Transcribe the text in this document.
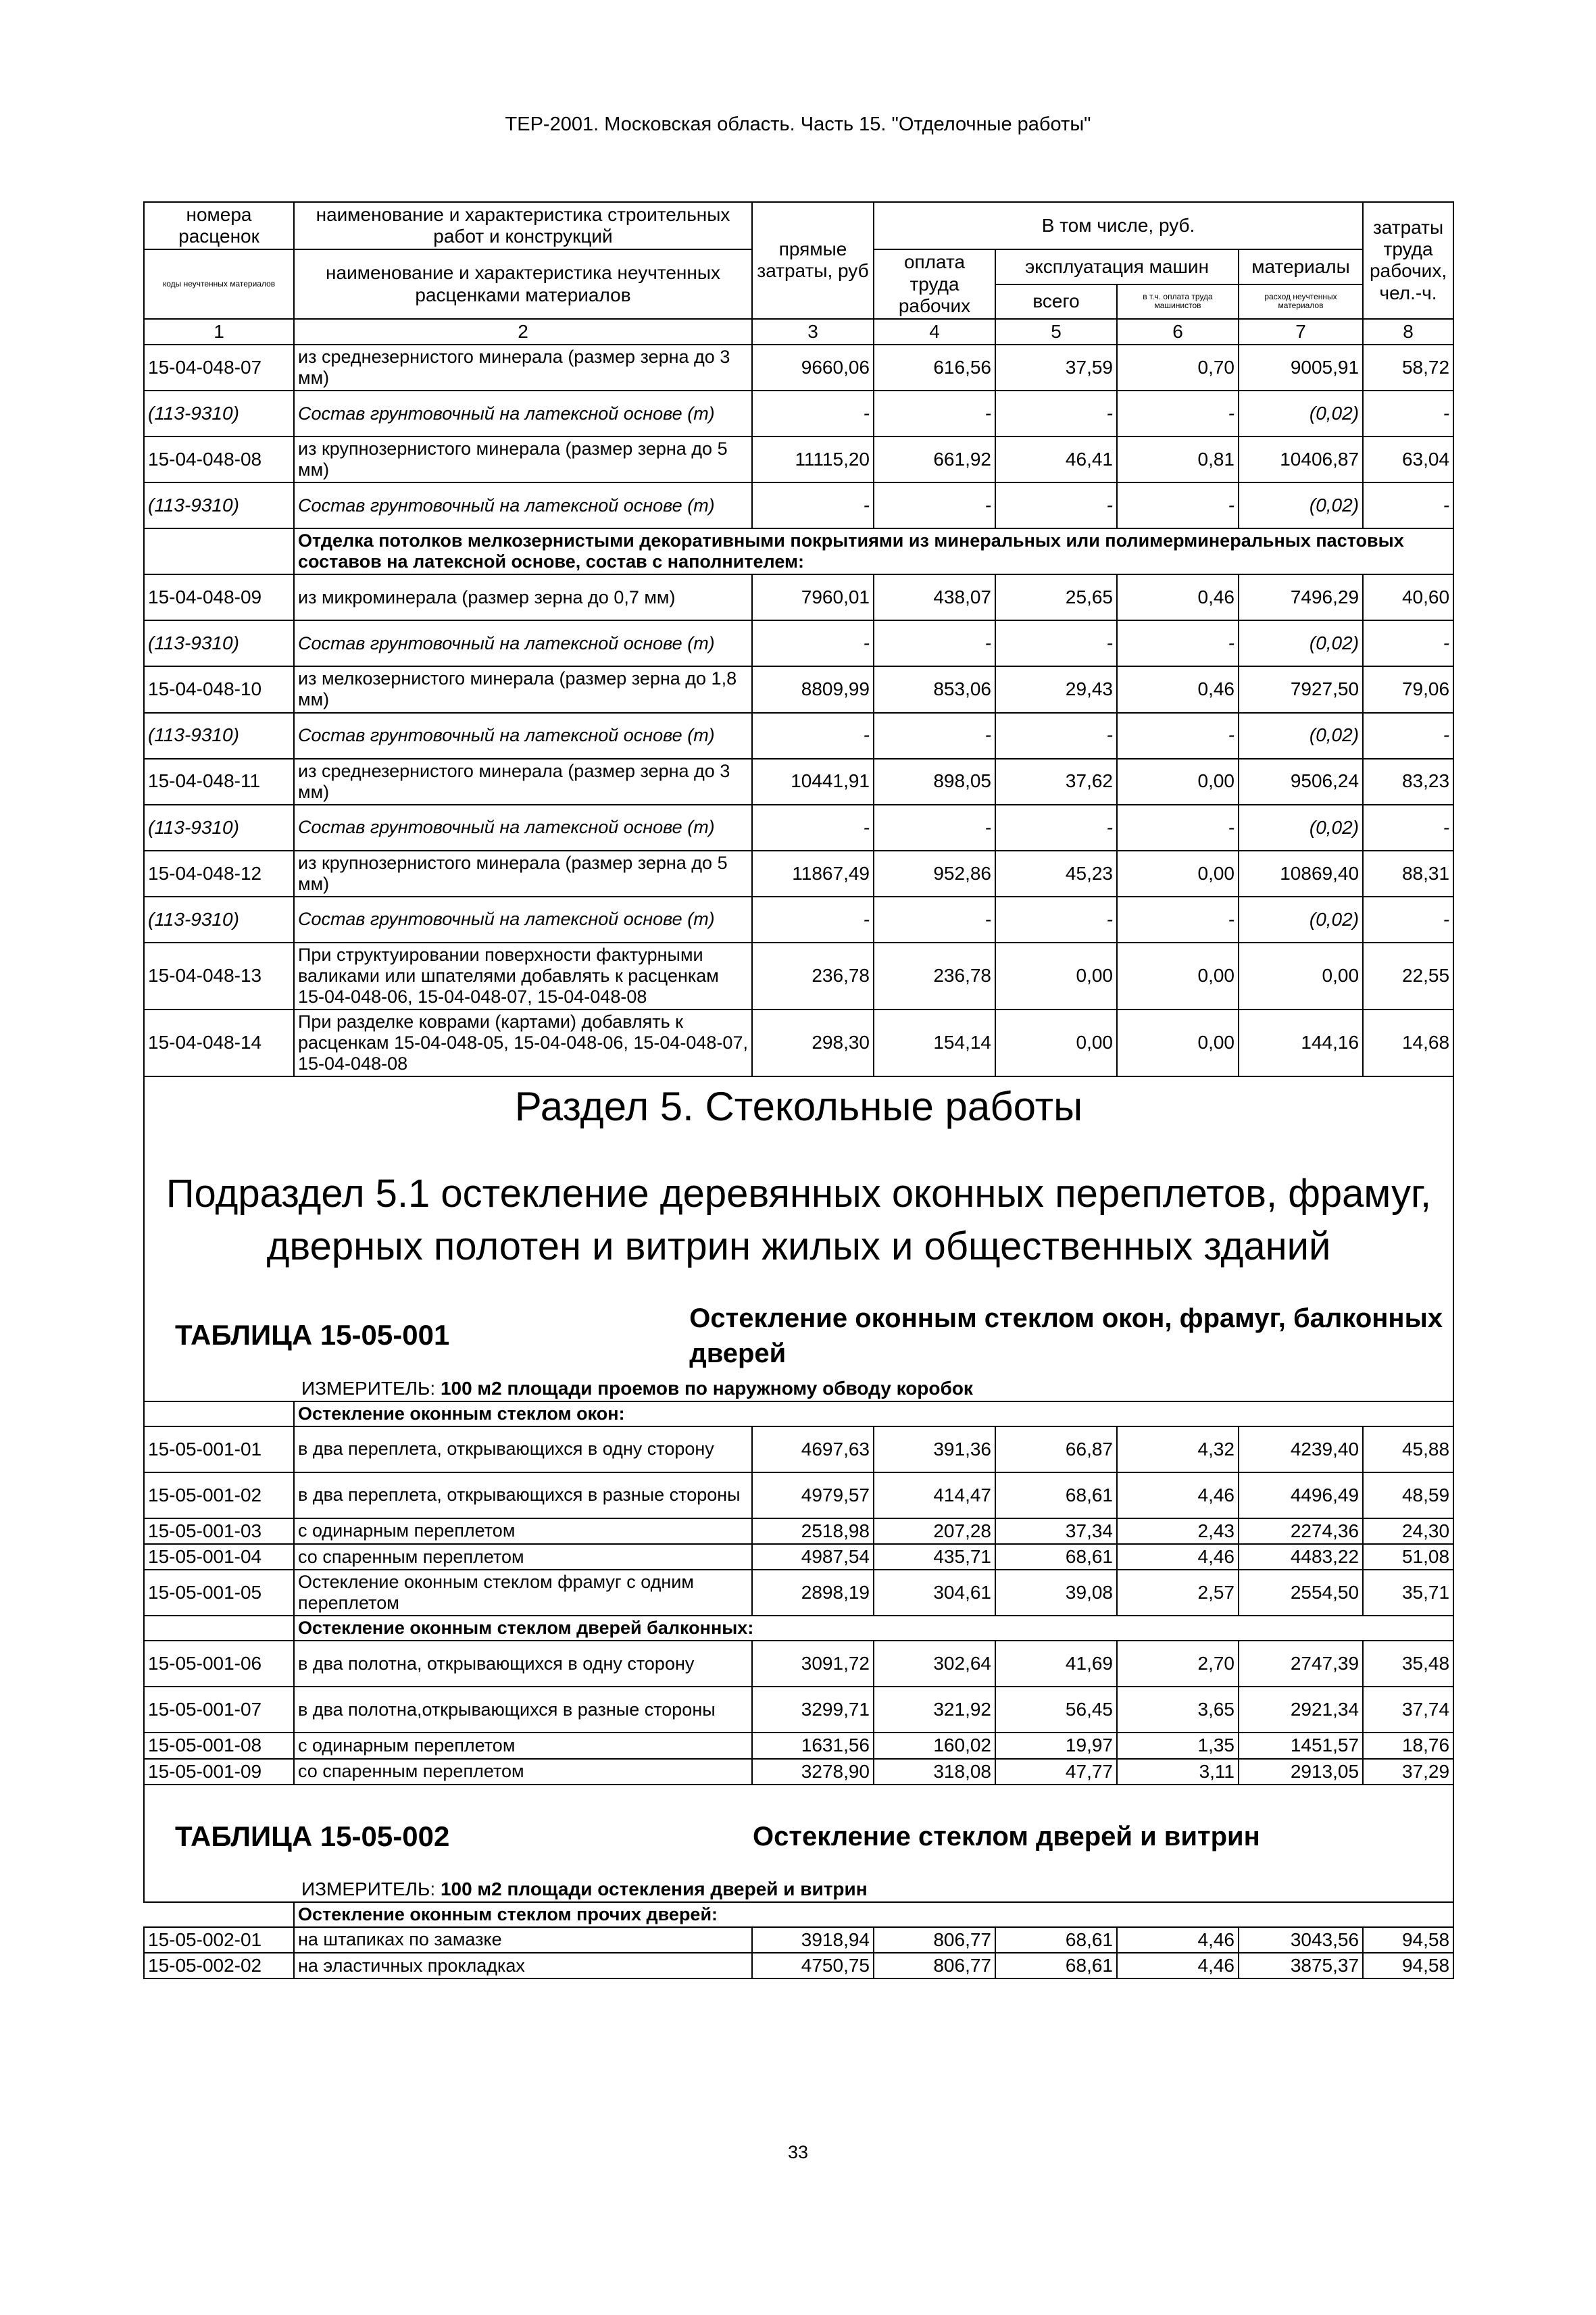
ТЕР-2001. Московская область. Часть 15. "Отделочные работы"
номера расценок	наименование и характеристика строительных работ и конструкций	прямые затраты, руб	В том числе, руб.				затраты труда рабочих, чел.-ч.
коды неучтенных материалов	наименование и характеристика неучтенных расценками материалов		оплата труда рабочих	эксплуатация машин		материалы	
				всего	в т.ч. оплата труда машинистов	расход неучтенных материалов	
1	2	3	4	5	6	7	8
15-04-048-07	из среднезернистого минерала (размер зерна до 3 мм)	9660,06	616,56	37,59	0,70	9005,91	58,72
(113-9310)	Состав грунтовочный на латексной основе (т)	-	-	-	-	(0,02)	-
15-04-048-08	из крупнозернистого минерала (размер зерна до 5 мм)	11115,20	661,92	46,41	0,81	10406,87	63,04
(113-9310)	Состав грунтовочный на латексной основе (т)	-	-	-	-	(0,02)	-
	Отделка потолков мелкозернистыми декоративными покрытиями из минеральных или полимерминеральных пастовых составов на латексной основе, состав с наполнителем:						
15-04-048-09	из микроминерала (размер зерна до 0,7 мм)	7960,01	438,07	25,65	0,46	7496,29	40,60
(113-9310)	Состав грунтовочный на латексной основе (т)	-	-	-	-	(0,02)	-
15-04-048-10	из мелкозернистого минерала (размер зерна до 1,8 мм)	8809,99	853,06	29,43	0,46	7927,50	79,06
(113-9310)	Состав грунтовочный на латексной основе (т)	-	-	-	-	(0,02)	-
15-04-048-11	из среднезернистого минерала (размер зерна до 3 мм)	10441,91	898,05	37,62	0,00	9506,24	83,23
(113-9310)	Состав грунтовочный на латексной основе (т)	-	-	-	-	(0,02)	-
15-04-048-12	из крупнозернистого минерала (размер зерна до 5 мм)	11867,49	952,86	45,23	0,00	10869,40	88,31
(113-9310)	Состав грунтовочный на латексной основе (т)	-	-	-	-	(0,02)	-
15-04-048-13	При структуировании поверхности фактурными валиками или шпателями добавлять к расценкам 15-04-048-06, 15-04-048-07, 15-04-048-08	236,78	236,78	0,00	0,00	0,00	22,55
15-04-048-14	При разделке коврами (картами) добавлять к расценкам 15-04-048-05, 15-04-048-06, 15-04-048-07, 15-04-048-08	298,30	154,14	0,00	0,00	144,16	14,68

Раздел 5. Стекольные работы
Подраздел 5.1 остекление деревянных оконных переплетов, фрамуг, дверных полотен и витрин жилых и общественных зданий
ТАБЛИЦА 15-05-001
Остекление оконным стеклом окон, фрамуг, балконных дверей
ИЗМЕРИТЕЛЬ: 100 м2 площади проемов по наружному обводу коробок							

	Остекление оконным стеклом окон:						
15-05-001-01	в два переплета, открывающихся в одну сторону	4697,63	391,36	66,87	4,32	4239,40	45,88
15-05-001-02	в два переплета, открывающихся в разные стороны	4979,57	414,47	68,61	4,46	4496,49	48,59
15-05-001-03	с одинарным переплетом	2518,98	207,28	37,34	2,43	2274,36	24,30
15-05-001-04	со спаренным переплетом	4987,54	435,71	68,61	4,46	4483,22	51,08
15-05-001-05	Остекление оконным стеклом фрамуг с одним переплетом	2898,19	304,61	39,08	2,57	2554,50	35,71
	Остекление оконным стеклом дверей балконных:						
15-05-001-06	в два полотна, открывающихся в одну сторону	3091,72	302,64	41,69	2,70	2747,39	35,48
15-05-001-07	в два полотна,открывающихся в разные стороны	3299,71	321,92	56,45	3,65	2921,34	37,74
15-05-001-08	с одинарным переплетом	1631,56	160,02	19,97	1,35	1451,57	18,76
15-05-001-09	со спаренным переплетом	3278,90	318,08	47,77	3,11	2913,05	37,29

ТАБЛИЦА 15-05-002 Остекление стеклом дверей и витрин
ИЗМЕРИТЕЛЬ: 100 м2 площади остекления дверей и витрин							

	Остекление оконным стеклом прочих дверей:						
15-05-002-01	на штапиках по замазке	3918,94	806,77	68,61	4,46	3043,56	94,58
15-05-002-02	на эластичных прокладках	4750,75	806,77	68,61	4,46	3875,37	94,58
33
